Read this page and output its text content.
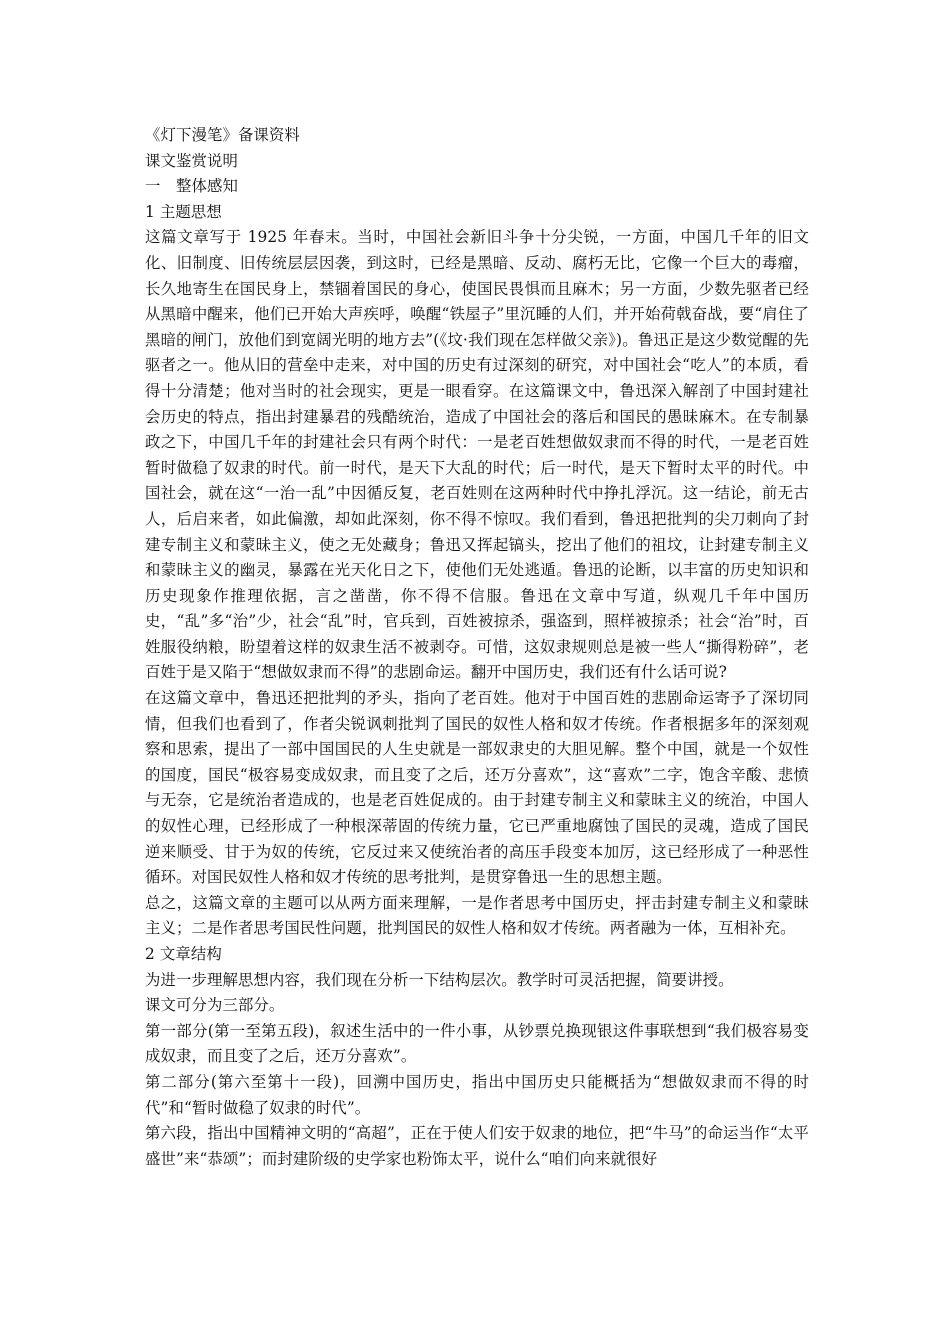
《灯下漫笔》备课资料

课文鉴赏说明

一　整体感知

1 主题思想

这篇文章写于 1925 年春末。当时，中国社会新旧斗争十分尖锐，一方面，中国几千年的旧文化、旧制度、旧传统层层因袭，到这时，已经是黑暗、反动、腐朽无比，它像一个巨大的毒瘤，长久地寄生在国民身上，禁锢着国民的身心，使国民畏惧而且麻木；另一方面，少数先驱者已经从黑暗中醒来，他们已开始大声疾呼，唤醒“铁屋子”里沉睡的人们，并开始荷戟奋战，要“肩住了黑暗的闸门，放他们到宽阔光明的地方去”(《坟·我们现在怎样做父亲》)。鲁迅正是这少数觉醒的先驱者之一。他从旧的营垒中走来，对中国的历史有过深刻的研究，对中国社会“吃人”的本质，看得十分清楚；他对当时的社会现实，更是一眼看穿。在这篇课文中，鲁迅深入解剖了中国封建社会历史的特点，指出封建暴君的残酷统治，造成了中国社会的落后和国民的愚昧麻木。在专制暴政之下，中国几千年的封建社会只有两个时代：一是老百姓想做奴隶而不得的时代，一是老百姓暂时做稳了奴隶的时代。前一时代，是天下大乱的时代；后一时代，是天下暂时太平的时代。中国社会，就在这“一治一乱”中因循反复，老百姓则在这两种时代中挣扎浮沉。这一结论，前无古人，后启来者，如此偏激，却如此深刻，你不得不惊叹。我们看到，鲁迅把批判的尖刀刺向了封建专制主义和蒙昧主义，使之无处藏身；鲁迅又挥起镐头，挖出了他们的祖坟，让封建专制主义和蒙昧主义的幽灵，暴露在光天化日之下，使他们无处逃遁。鲁迅的论断，以丰富的历史知识和历史现象作推理依据，言之凿凿，你不得不信服。鲁迅在文章中写道，纵观几千年中国历史，“乱”多“治”少，社会“乱”时，官兵到，百姓被掠杀，强盗到，照样被掠杀；社会“治”时，百姓服役纳粮，盼望着这样的奴隶生活不被剥夺。可惜，这奴隶规则总是被一些人“撕得粉碎”，老百姓于是又陷于“想做奴隶而不得”的悲剧命运。翻开中国历史，我们还有什么话可说?

在这篇文章中，鲁迅还把批判的矛头，指向了老百姓。他对于中国百姓的悲剧命运寄予了深切同情，但我们也看到了，作者尖锐讽刺批判了国民的奴性人格和奴才传统。作者根据多年的深刻观察和思索，提出了一部中国国民的人生史就是一部奴隶史的大胆见解。整个中国，就是一个奴性的国度，国民“极容易变成奴隶，而且变了之后，还万分喜欢”，这“喜欢”二字，饱含辛酸、悲愤与无奈，它是统治者造成的，也是老百姓促成的。由于封建专制主义和蒙昧主义的统治，中国人的奴性心理，已经形成了一种根深蒂固的传统力量，它已严重地腐蚀了国民的灵魂，造成了国民逆来顺受、甘于为奴的传统，它反过来又使统治者的高压手段变本加厉，这已经形成了一种恶性循环。对国民奴性人格和奴才传统的思考批判，是贯穿鲁迅一生的思想主题。

总之，这篇文章的主题可以从两方面来理解，一是作者思考中国历史，抨击封建专制主义和蒙昧主义；二是作者思考国民性问题，批判国民的奴性人格和奴才传统。两者融为一体，互相补充。

2 文章结构

为进一步理解思想内容，我们现在分析一下结构层次。教学时可灵活把握，简要讲授。

课文可分为三部分。

第一部分(第一至第五段)，叙述生活中的一件小事，从钞票兑换现银这件事联想到“我们极容易变成奴隶，而且变了之后，还万分喜欢”。

第二部分(第六至第十一段)，回溯中国历史，指出中国历史只能概括为“想做奴隶而不得的时代”和“暂时做稳了奴隶的时代”。

第六段，指出中国精神文明的“高超”，正在于使人们安于奴隶的地位，把“牛马”的命运当作“太平盛世”来“恭颂”；而封建阶级的史学家也粉饰太平，说什么“咱们向来就很好
